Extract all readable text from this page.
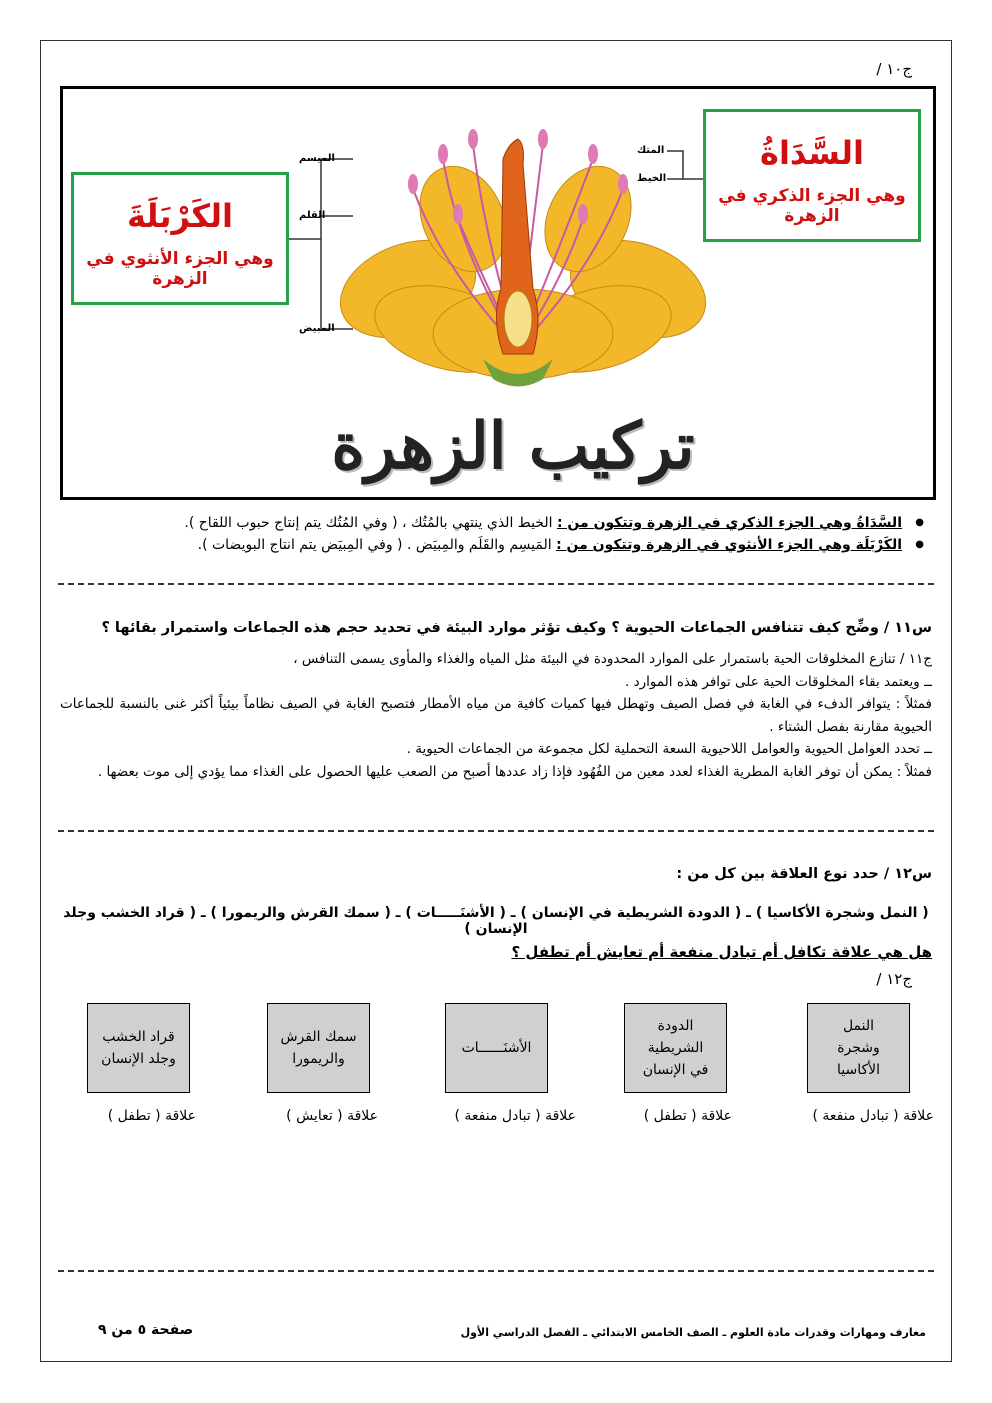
ج١٠ /
السَّدَاةُ
وهي الجزء الذكري في الزهرة
الكَرْبَلَةَ
وهي الجزء الأنثوي في الزهرة
الميسم
القلم
المبيض
المتك
الخيط
تركيب الزهرة
● السَّدَاةُ وهي الجزء الذكري في الزهرة وتتكون من : الخيط الذي ينتهي بالمُتُك ، ( وفي المُتُك يتم إنتاج حبوب اللقاح ).
● الكَرْبَلَة وهي الجزء الأنثوي في الزهرة وتتكون من : المَيسِم والقَلَم والمِبيَض . ( وفي المِبيَض يتم انتاج البويضات ).
س١١ / وضِّح كيف تتنافس الجماعات الحيوية ؟ وكيف تؤثر موارد البيئة في تحديد حجم هذه الجماعات واستمرار بقائها ؟
ج١١ / تنازع المخلوقات الحية باستمرار على الموارد المحدودة في البيئة مثل المياه والغذاء والمأوى يسمى التنافس ،
ــ ويعتمد بقاء المخلوقات الحية على توافر هذه الموارد .
فمثلاً : يتوافر الدفء في الغابة في فصل الصيف وتهطل فيها كميات كافية من مياه الأمطار فتصبح الغابة في الصيف نظاماً بيئياً أكثر غنى بالنسبة للجماعات الحيوية مقارنة بفصل الشتاء .
ــ تحدد العوامل الحيوية والعوامل اللاحيوية السعة التحملية لكل مجموعة من الجماعات الحيوية .
فمثلاً : يمكن أن توفر الغابة المطرية الغذاء لعدد معين من الفُهُود فإذا زاد عددها أصبح من الصعب عليها الحصول على الغذاء مما يؤدي إلى موت بعضها .
س١٢ / حدد نوع العلاقة بين كل من :
( النمل وشجرة الأكاسيا ) ـ ( الدودة الشريطية في الإنسان ) ـ ( الأشنَـــــات ) ـ ( سمك القرش والريمورا ) ـ ( قراد الخشب وجلد الإنسان )
هل هي علاقة تكافل أم تبادل منفعة أم تعايش أم تطفل ؟
ج١٢ /
النمل
وشجرة
الأكاسيا
الدودة
الشريطية
في الإنسان
الأشنَــــــات
سمك القرش
والريمورا
قراد الخشب
وجلد الإنسان
علاقة ( تبادل منفعة )
علاقة ( تطفل )
علاقة ( تبادل منفعة )
علاقة ( تعايش )
علاقة ( تطفل )
صفحة ٥ من ٩	معارف ومهارات وقدرات مادة العلوم ـ الصف الخامس الابتدائي ـ الفصل الدراسي الأول
